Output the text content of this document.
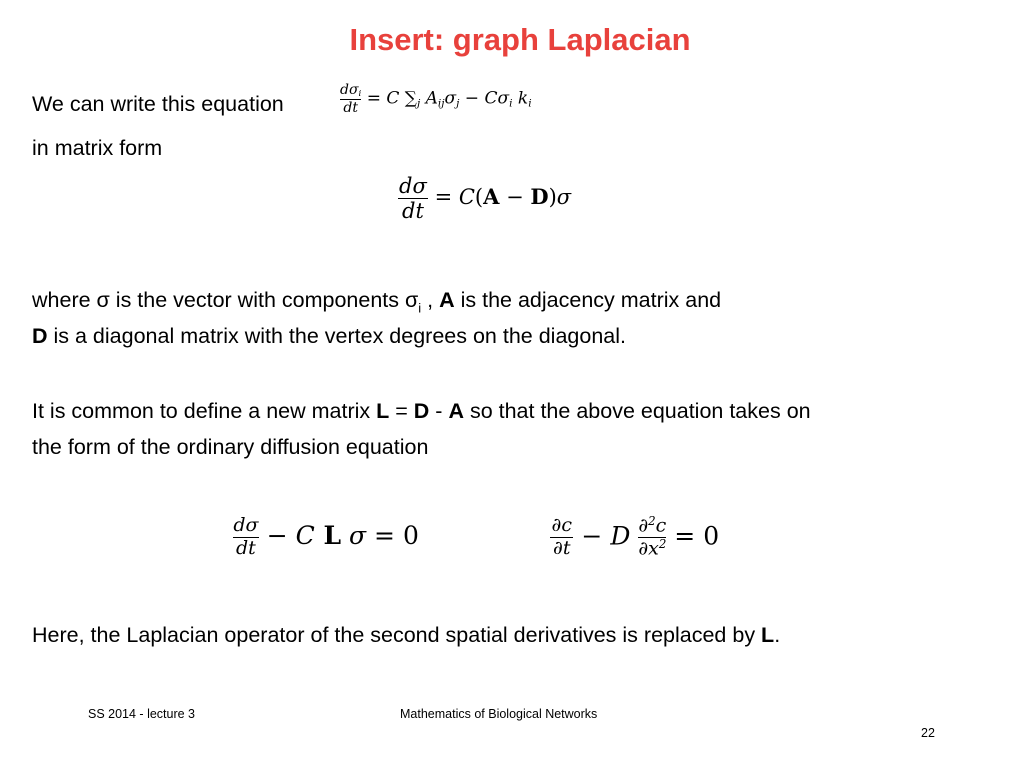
Insert: graph Laplacian
We can write this equation	$\frac{d\sigma_i}{dt} = C$ $\sum_j$ $A_{ij}\sigma_j - C\sigma_i$ $k_i$
in matrix form
$\frac{d\sigma}{dt} = C(A - D)\sigma$
where σ is the vector with components $\sigma_i$ , A is the adjacency matrix and
D is a diagonal matrix with the vertex degrees on the diagonal.
It is common to define a new matrix L = D - A so that the above equation takes on
the form of the ordinary diffusion equation
$\frac{d\sigma}{dt} - C$ L σ = 0	$\frac{\partial c}{\partial t} - D \frac{\partial^2c}{\partial x^2} = 0$
Here, the Laplacian operator of the second spatial derivatives is replaced by L.
SS 2014 - lecture 3	Mathematics of Biological Networks
22
